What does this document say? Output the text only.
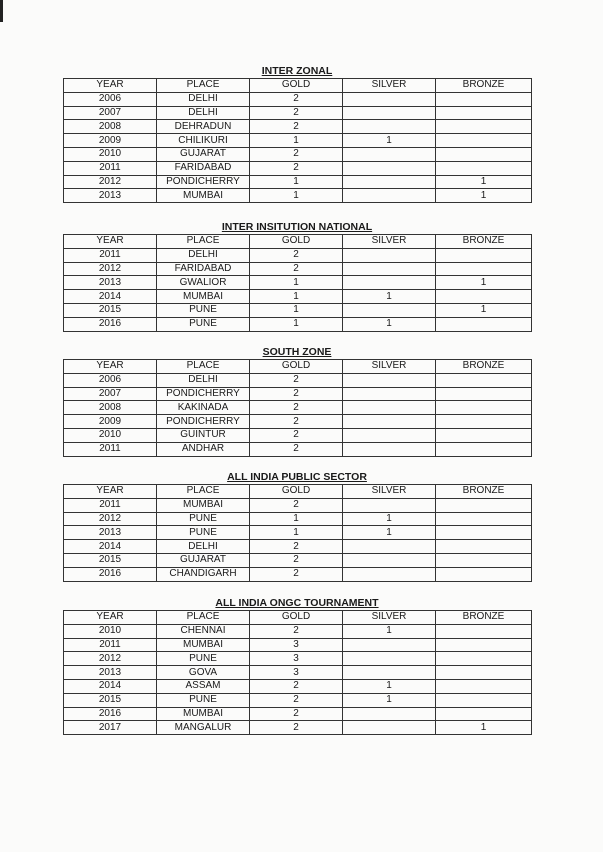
INTER ZONAL
YEAR	PLACE	GOLD	SILVER	BRONZE
2006	DELHI	2		
2007	DELHI	2		
2008	DEHRADUN	2		
2009	CHILIKURI	1	1	
2010	GUJARAT	2		
2011	FARIDABAD	2		
2012	PONDICHERRY	1		1
2013	MUMBAI	1		1
INTER INSITUTION NATIONAL
YEAR	PLACE	GOLD	SILVER	BRONZE
2011	DELHI	2		
2012	FARIDABAD	2		
2013	GWALIOR	1		1
2014	MUMBAI	1	1	
2015	PUNE	1		1
2016	PUNE	1	1	
SOUTH ZONE
YEAR	PLACE	GOLD	SILVER	BRONZE
2006	DELHI	2		
2007	PONDICHERRY	2		
2008	KAKINADA	2		
2009	PONDICHERRY	2		
2010	GUINTUR	2		
2011	ANDHAR	2		
ALL INDIA PUBLIC SECTOR
YEAR	PLACE	GOLD	SILVER	BRONZE
2011	MUMBAI	2		
2012	PUNE	1	1	
2013	PUNE	1	1	
2014	DELHI	2		
2015	GUJARAT	2		
2016	CHANDIGARH	2		
ALL INDIA ONGC TOURNAMENT
YEAR	PLACE	GOLD	SILVER	BRONZE
2010	CHENNAI	2	1	
2011	MUMBAI	3		
2012	PUNE	3		
2013	GOVA	3		
2014	ASSAM	2	1	
2015	PUNE	2	1	
2016	MUMBAI	2		
2017	MANGALUR	2		1
